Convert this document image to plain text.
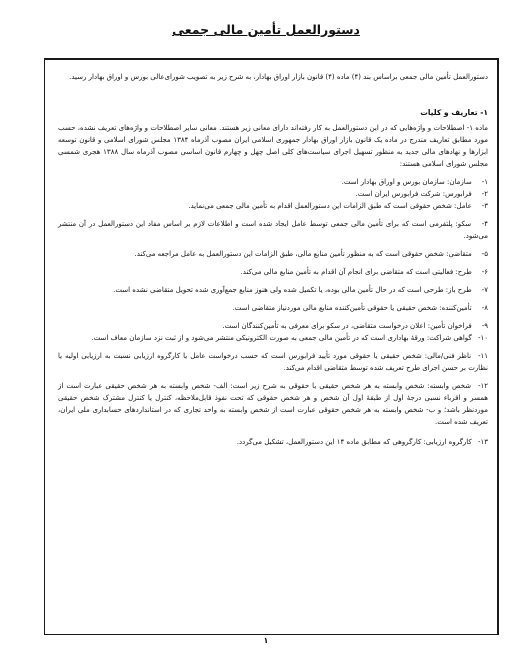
دستورالعمل تأمین مالی جمعی

دستورالعمل تأمین مالی جمعی براساس بند (۴) ماده (۴) قانون بازار اوراق بهادار، به شرح زیر به تصویب شورای‌عالی بورس و اوراق بهادار رسید.

۱- تعاریف و کلیات

ماده ۱- اصطلاحات و واژه‌هایی که در این دستورالعمل به کار رفته‌اند دارای معانی زیر هستند. معانی سایر اصطلاحات و واژه‌های تعریف نشده، حسب مورد مطابق تعاریف مندرج در ماده یک قانون بازار اوراق بهادار جمهوری اسلامی ایران مصوب آذرماه ۱۳۸۴ مجلس شورای اسلامی و قانون توسعه ابزارها و نهادهای مالی جدید به منظور تسهیل اجرای سیاست‌های کلی اصل چهل و چهارم قانون اساسی مصوب آذرماه سال ۱۳۸۸ هجری شمسی مجلس شورای اسلامی هستند:

۱- سازمان: سازمان بورس و اوراق بهادار است.
۲- فرابورس: شرکت فرابورس ایران است.
۳- عامل: شخص حقوقی است که طبق الزامات این دستورالعمل اقدام به تأمین مالی جمعی می‌نماید.
۴- سکو: پلتفرمی است که برای تأمین مالی جمعی توسط عامل ایجاد شده است و اطلاعات لازم بر اساس مفاد این دستورالعمل در آن منتشر می‌شود.
۵- متقاضی: شخص حقوقی است که به منظور تأمین منابع مالی، طبق الزامات این دستورالعمل به عامل مراجعه می‌کند.
۶- طرح: فعالیتی است که متقاضی برای انجام آن اقدام به تأمین منابع مالی می‌کند.
۷- طرح باز: طرحی است که در حال تأمین مالی بوده، یا تکمیل شده ولی هنوز منابع جمع‌آوری شده تحویل متقاضی نشده است.
۸- تأمین‌کننده: شخص حقیقی یا حقوقی تأمین‌کننده منابع مالی مورد‌نیاز متقاضی است.
۹- فراخوان تأمین: اعلان درخواست متقاضی، در سکو برای معرفی به تأمین‌کنندگان است.
۱۰- گواهی شراکت: ورقهٔ بهاداری است که در تأمین مالی جمعی به صورت الکترونیکی منتشر می‌شود و از ثبت نزد سازمان معاف است.
۱۱- ناظر فنی/مالی: شخص حقیقی یا حقوقی مورد تأیید فرابورس است که حسب درخواست عامل یا کارگروه ارزیابی نسبت به ارزیابی اولیه یا نظارت بر حسن اجرای طرح تعریف شده توسط متقاضی اقدام می‌کند.
۱۲- شخص وابسته: شخص وابسته به هر شخص حقیقی یا حقوقی به شرح زیر است: الف- شخص وابسته به هر شخص حقیقی عبارت است از همسر و اقرباء نسبی درجهٔ اول از طبقهٔ اول آن شخص و هر شخص حقوقی که تحت نفوذ قابل‌ملاحظه، کنترل یا کنترل مشترک شخص حقیقی مورد‌نظر باشد؛ و ب- شخص وابسته به هر شخص حقوقی عبارت است از شخص وابسته به واحد تجاری که در استانداردهای حسابداری ملی ایران، تعریف شده است.
۱۳- کارگروه ارزیابی: کارگروهی که مطابق ماده ۱۴ این دستورالعمل، تشکیل می‌گردد.
۱
